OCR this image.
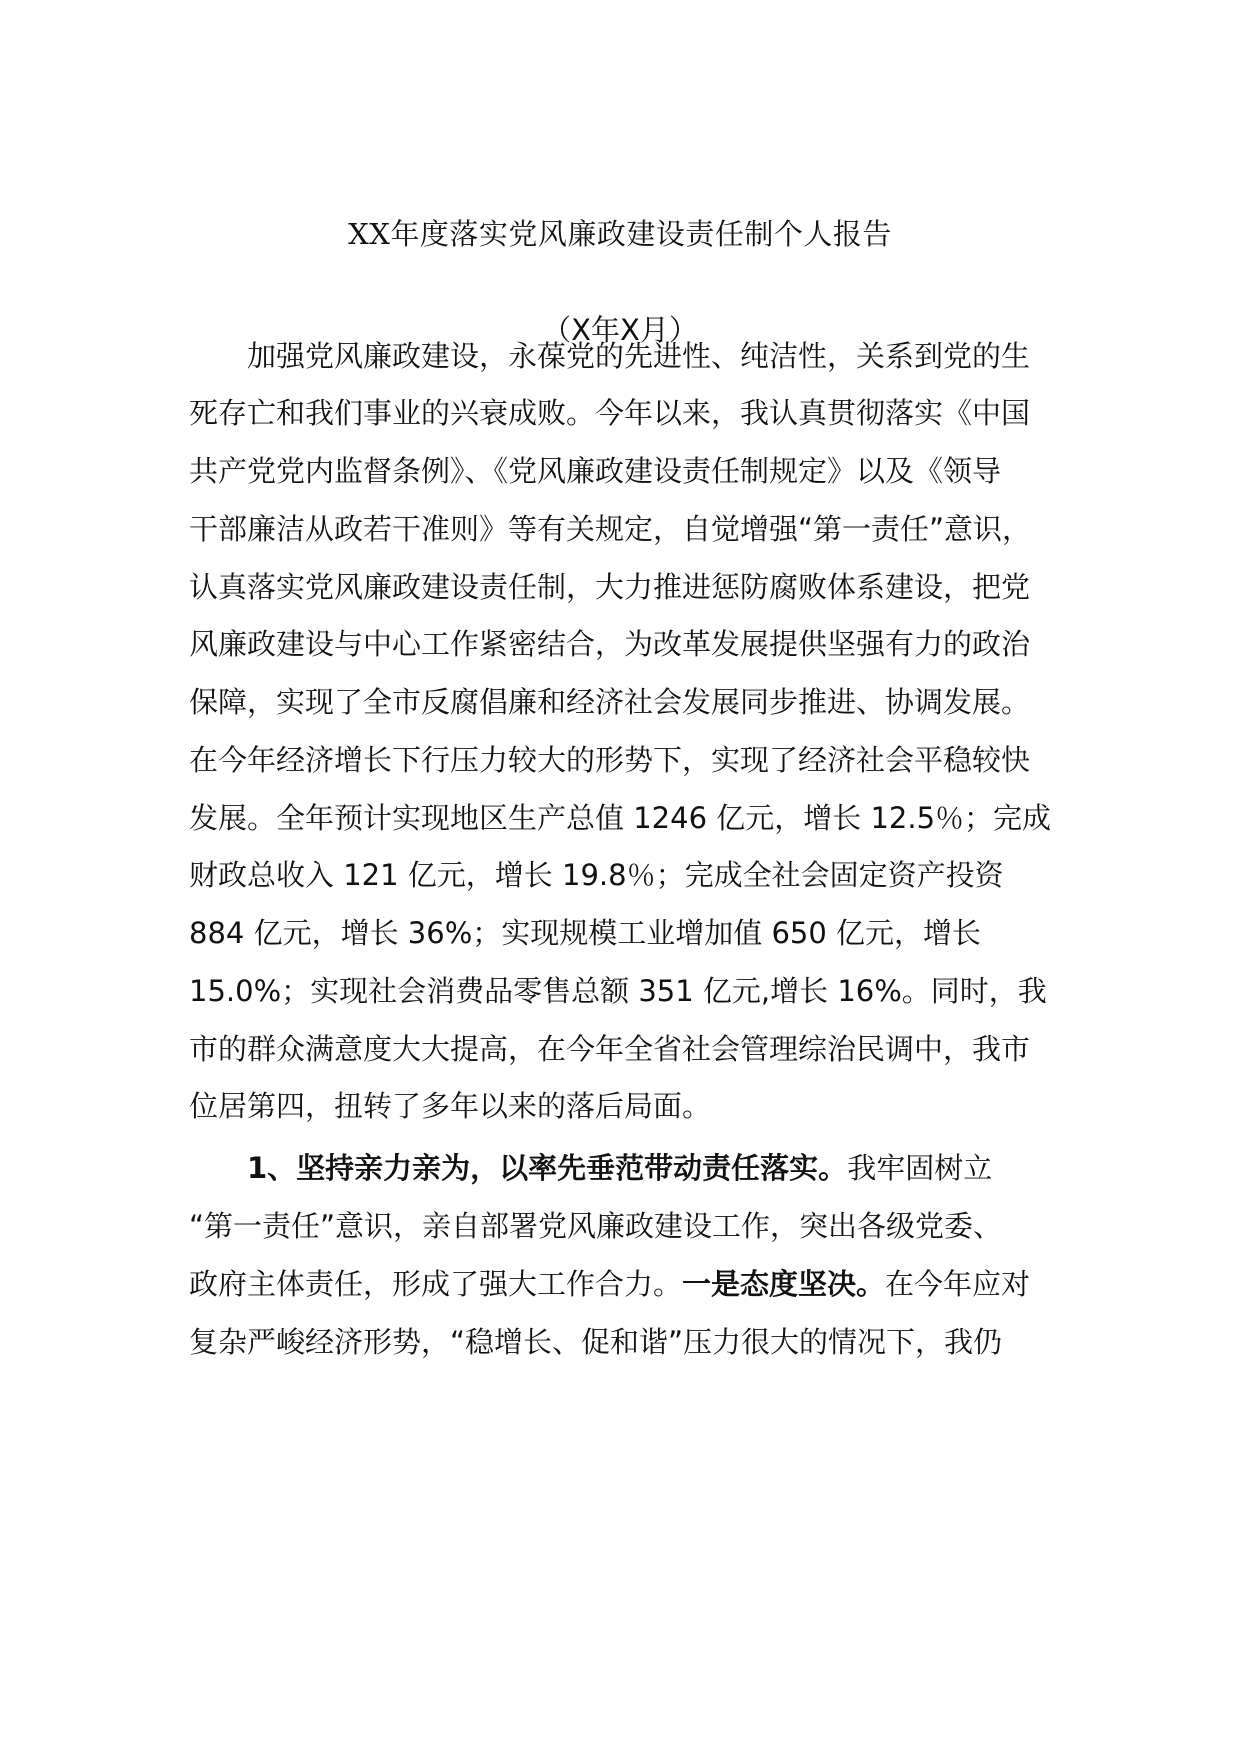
XX年度落实党风廉政建设责任制个人报告
（X年X月）
加强党风廉政建设，永葆党的先进性、纯洁性，关系到党的生
死存亡和我们事业的兴衰成败。今年以来，我认真贯彻落实《中国
共产党党内监督条例》、《党风廉政建设责任制规定》以及《领导
干部廉洁从政若干准则》等有关规定，自觉增强“第一责任”意识，
认真落实党风廉政建设责任制，大力推进惩防腐败体系建设，把党
风廉政建设与中心工作紧密结合，为改革发展提供坚强有力的政治
保障，实现了全市反腐倡廉和经济社会发展同步推进、协调发展。
在今年经济增长下行压力较大的形势下，实现了经济社会平稳较快
发展。全年预计实现地区生产总值 1246 亿元，增长 12.5％；完成
财政总收入 121 亿元，增长 19.8％；完成全社会固定资产投资
884 亿元，增长 36%；实现规模工业增加值 650 亿元，增长
15.0%；实现社会消费品零售总额 351 亿元,增长 16%。同时，我
市的群众满意度大大提高，在今年全省社会管理综治民调中，我市
位居第四，扭转了多年以来的落后局面。
1、坚持亲力亲为，以率先垂范带动责任落实。我牢固树立
“第一责任”意识，亲自部署党风廉政建设工作，突出各级党委、
政府主体责任，形成了强大工作合力。一是态度坚决。在今年应对
复杂严峻经济形势，“稳增长、促和谐”压力很大的情况下，我仍
